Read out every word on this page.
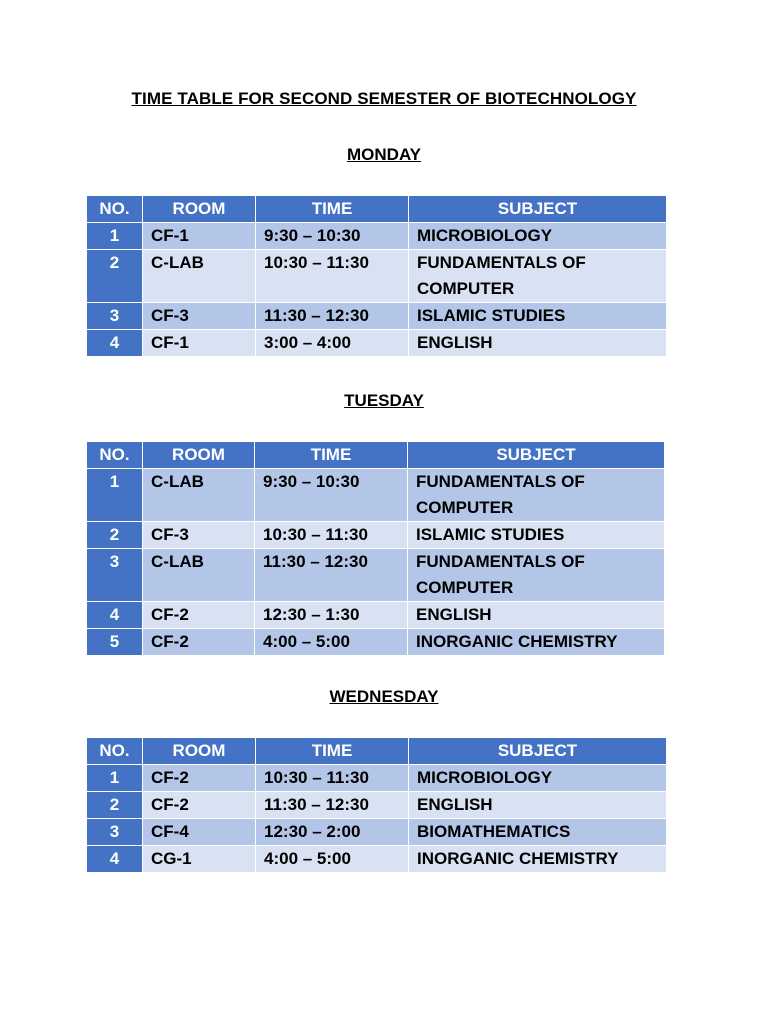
TIME TABLE FOR SECOND SEMESTER OF BIOTECHNOLOGY
MONDAY
NO.	ROOM	TIME	SUBJECT
1	CF-1	9:30 – 10:30	MICROBIOLOGY
2	C-LAB	10:30 – 11:30	FUNDAMENTALS OF COMPUTER
3	CF-3	11:30 – 12:30	ISLAMIC STUDIES
4	CF-1	3:00 – 4:00	ENGLISH
TUESDAY
NO.	ROOM	TIME	SUBJECT
1	C-LAB	9:30 – 10:30	FUNDAMENTALS OF COMPUTER
2	CF-3	10:30 – 11:30	ISLAMIC STUDIES
3	C-LAB	11:30 – 12:30	FUNDAMENTALS OF COMPUTER
4	CF-2	12:30 – 1:30	ENGLISH
5	CF-2	4:00 – 5:00	INORGANIC CHEMISTRY
WEDNESDAY
NO.	ROOM	TIME	SUBJECT
1	CF-2	10:30 – 11:30	MICROBIOLOGY
2	CF-2	11:30 – 12:30	ENGLISH
3	CF-4	12:30 – 2:00	BIOMATHEMATICS
4	CG-1	4:00 – 5:00	INORGANIC CHEMISTRY
